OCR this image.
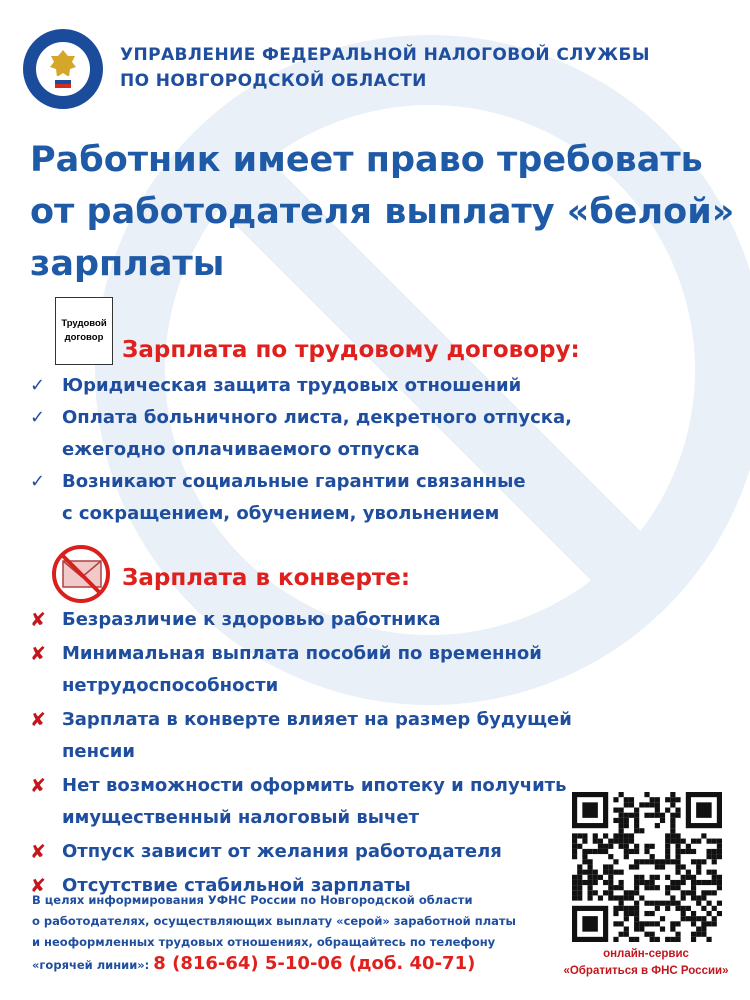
УПРАВЛЕНИЕ ФЕДЕРАЛЬНОЙ НАЛОГОВОЙ СЛУЖБЫ
ПО НОВГОРОДСКОЙ ОБЛАСТИ
Работник имеет право требовать
от работодателя выплату «белой»
зарплаты
Трудовой
договор Зарплата по трудовому договору:
✓ Юридическая защита трудовых отношений
✓ Оплата больничного листа, декретного отпуска,
ежегодно оплачиваемого отпуска
✓ Возникают социальные гарантии связанные
с сокращением, обучением, увольнением
Зарплата в конверте:
✘ Безразличие к здоровью работника
✘ Минимальная выплата пособий по временной
нетрудоспособности
✘ Зарплата в конверте влияет на размер будущей пенсии
✘ Нет возможности оформить ипотеку и получить
имущественный налоговый вычет
✘ Отпуск зависит от желания работодателя
✘ Отсутствие стабильной зарплаты
онлайн-сервис
«Обратиться в ФНС России»
В целях информирования УФНС России по Новгородской области
о работодателях, осуществляющих выплату «серой» заработной платы
и неоформленных трудовых отношениях, обращайтесь по телефону
«горячей линии»: 8 (816-64) 5-10-06 (доб. 40-71)
